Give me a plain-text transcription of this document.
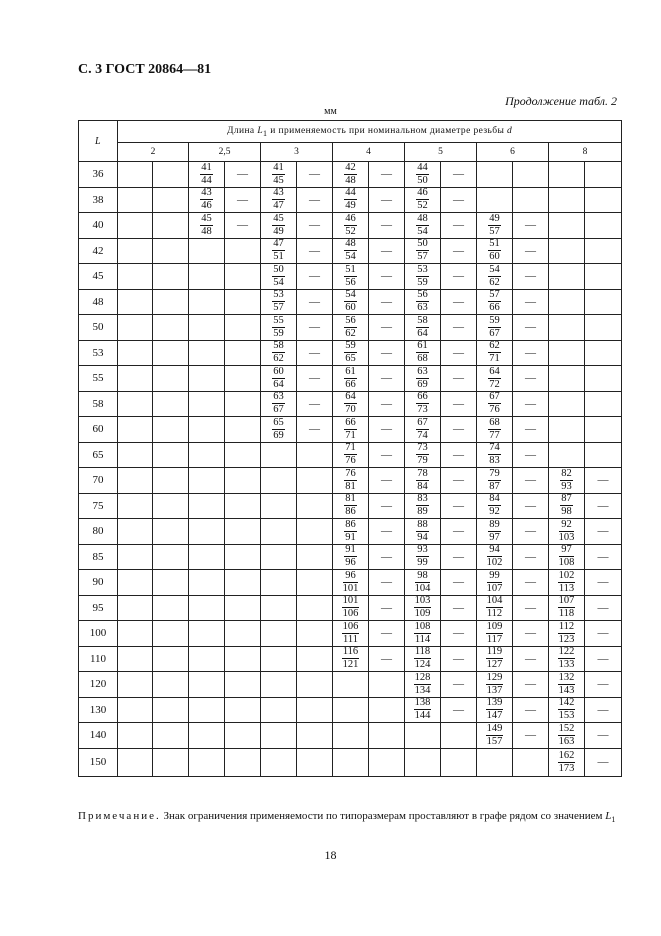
С. 3 ГОСТ 20864—81
Продолжение табл. 2
мм
L	Длина $L_1$ и применяемость при номинальном диаметре резьбы d													
	2		2,5		3		4		5		6		8	
36			$\frac{41}{44}$	—	$\frac{41}{45}$	—	$\frac{42}{48}$	—	$\frac{44}{50}$	—				
38			$\frac{43}{46}$	—	$\frac{43}{47}$	—	$\frac{44}{49}$	—	$\frac{46}{52}$	—				
40			$\frac{45}{48}$	—	$\frac{45}{49}$	—	$\frac{46}{52}$	—	$\frac{48}{54}$	—	$\frac{49}{57}$	—		
42					$\frac{47}{51}$	—	$\frac{48}{54}$	—	$\frac{50}{57}$	—	$\frac{51}{60}$	—		
45					$\frac{50}{54}$	—	$\frac{51}{56}$	—	$\frac{53}{59}$	—	$\frac{54}{62}$	—		
48					$\frac{53}{57}$	—	$\frac{54}{60}$	—	$\frac{56}{63}$	—	$\frac{57}{66}$	—		
50					$\frac{55}{59}$	—	$\frac{56}{62}$	—	$\frac{58}{64}$	—	$\frac{59}{67}$	—		
53					$\frac{58}{62}$	—	$\frac{59}{65}$	—	$\frac{61}{68}$	—	$\frac{62}{71}$	—		
55					$\frac{60}{64}$	—	$\frac{61}{66}$	—	$\frac{63}{69}$	—	$\frac{64}{72}$	—		
58					$\frac{63}{67}$	—	$\frac{64}{70}$	—	$\frac{66}{73}$	—	$\frac{67}{76}$	—		
60					$\frac{65}{69}$	—	$\frac{66}{71}$	—	$\frac{67}{74}$	—	$\frac{68}{77}$	—		
65							$\frac{71}{76}$	—	$\frac{73}{79}$	—	$\frac{74}{83}$	—		
70							$\frac{76}{81}$	—	$\frac{78}{84}$	—	$\frac{79}{87}$	—	$\frac{82}{93}$	—
75							$\frac{81}{86}$	—	$\frac{83}{89}$	—	$\frac{84}{92}$	—	$\frac{87}{98}$	—
80							$\frac{86}{91}$	—	$\frac{88}{94}$	—	$\frac{89}{97}$	—	$\frac{92}{103}$	—
85							$\frac{91}{96}$	—	$\frac{93}{99}$	—	$\frac{94}{102}$	—	$\frac{97}{108}$	—
90							$\frac{96}{101}$	—	$\frac{98}{104}$	—	$\frac{99}{107}$	—	$\frac{102}{113}$	—
95							$\frac{101}{106}$	—	$\frac{103}{109}$	—	$\frac{104}{112}$	—	$\frac{107}{118}$	—
100							$\frac{106}{111}$	—	$\frac{108}{114}$	—	$\frac{109}{117}$	—	$\frac{112}{123}$	—
110							$\frac{116}{121}$	—	$\frac{118}{124}$	—	$\frac{119}{127}$	—	$\frac{122}{133}$	—
120									$\frac{128}{134}$	—	$\frac{129}{137}$	—	$\frac{132}{143}$	—
130									$\frac{138}{144}$	—	$\frac{139}{147}$	—	$\frac{142}{153}$	—
140											$\frac{149}{157}$	—	$\frac{152}{163}$	—
150													$\frac{162}{173}$	—
Примечание. Знак ограничения применяемости по типоразмерам проставляют в графе рядом со значением $L_1$
18
